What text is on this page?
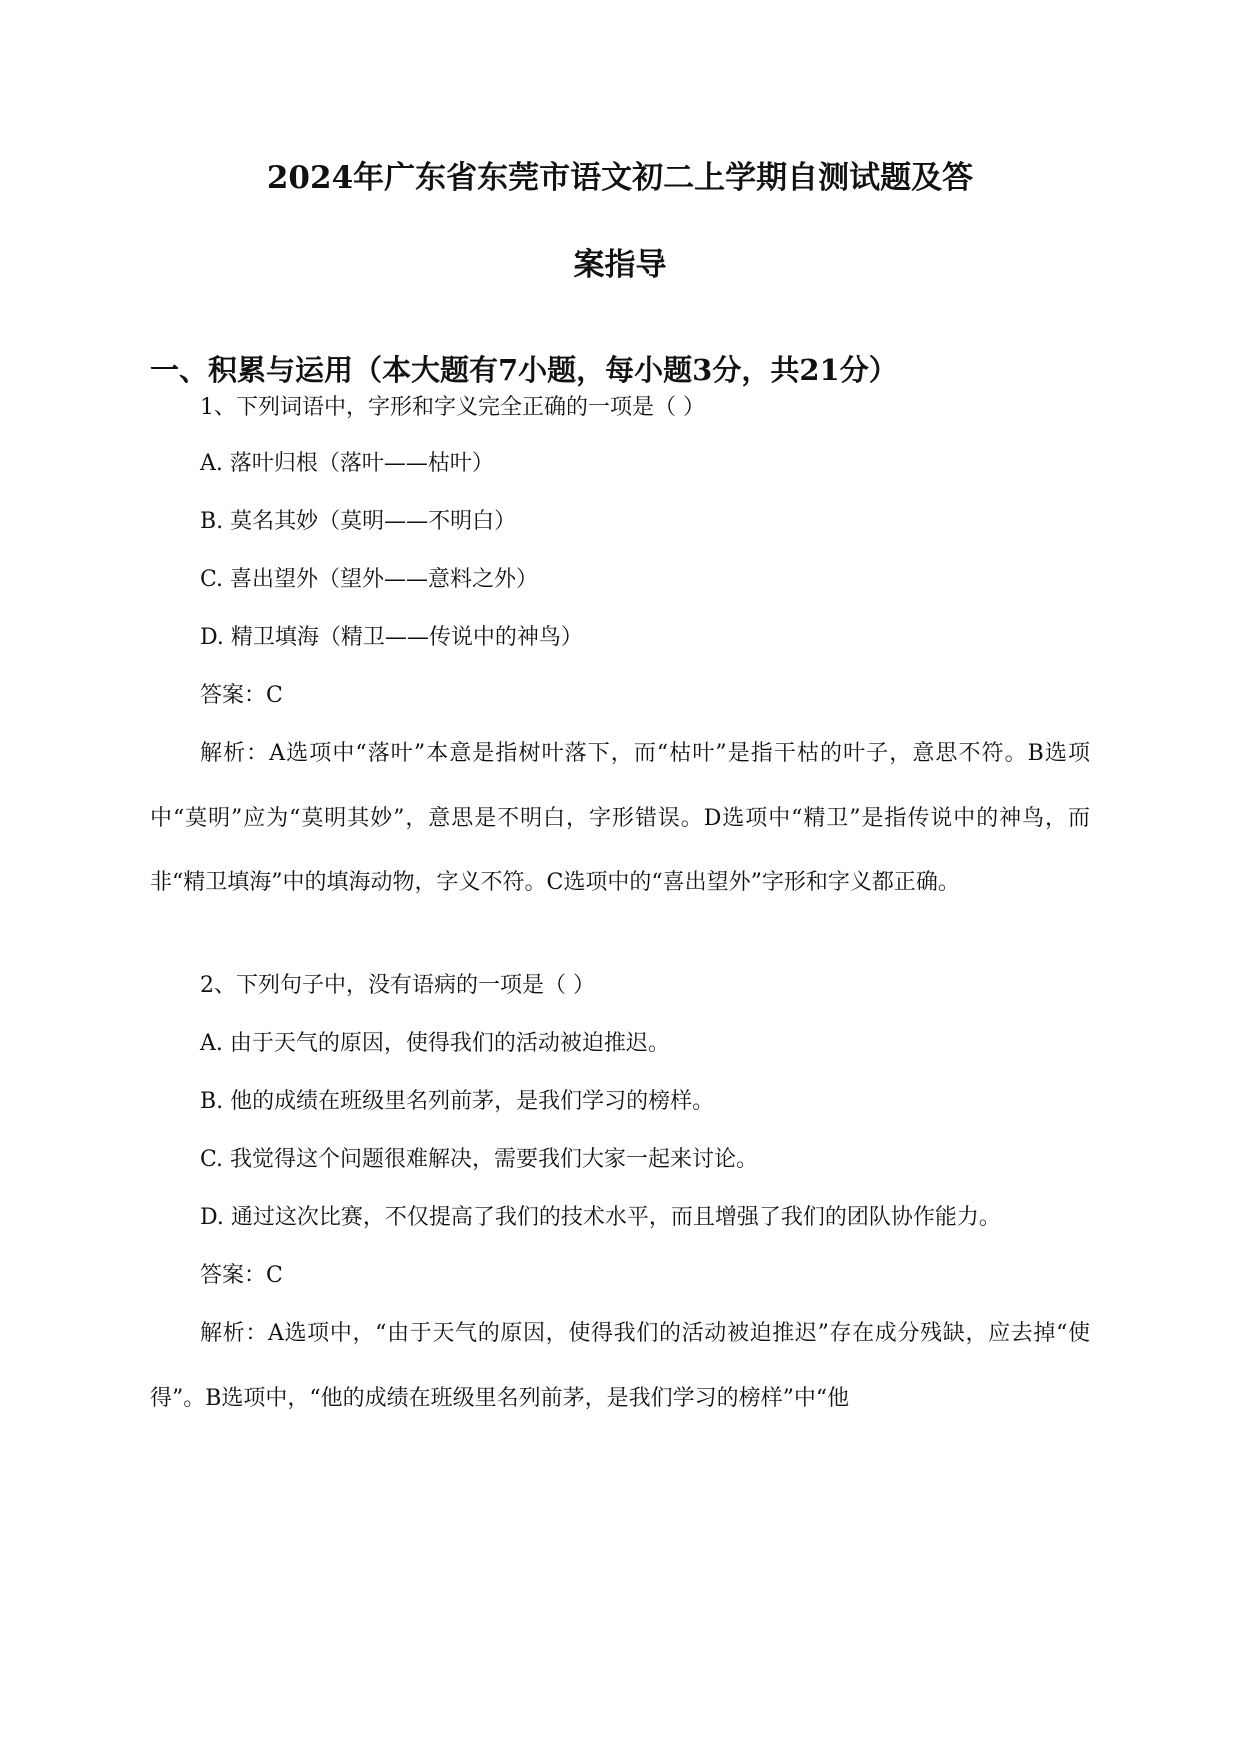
2024年广东省东莞市语文初二上学期自测试题及答
案指导
一、积累与运用（本大题有7小题，每小题3分，共21分）
1、下列词语中，字形和字义完全正确的一项是（ ）
A. 落叶归根（落叶——枯叶）
B. 莫名其妙（莫明——不明白）
C. 喜出望外（望外——意料之外）
D. 精卫填海（精卫——传说中的神鸟）
答案：C
解析：A选项中“落叶”本意是指树叶落下，而“枯叶”是指干枯的叶子，意思不符。B选项中“莫明”应为“莫明其妙”，意思是不明白，字形错误。D选项中“精卫”是指传说中的神鸟，而非“精卫填海”中的填海动物，字义不符。C选项中的“喜出望外”字形和字义都正确。
2、下列句子中，没有语病的一项是（ ）
A. 由于天气的原因，使得我们的活动被迫推迟。
B. 他的成绩在班级里名列前茅，是我们学习的榜样。
C. 我觉得这个问题很难解决，需要我们大家一起来讨论。
D. 通过这次比赛，不仅提高了我们的技术水平，而且增强了我们的团队协作能力。
答案：C
解析：A选项中，“由于天气的原因，使得我们的活动被迫推迟”存在成分残缺，应去掉“使得”。B选项中，“他的成绩在班级里名列前茅，是我们学习的榜样”中“他
